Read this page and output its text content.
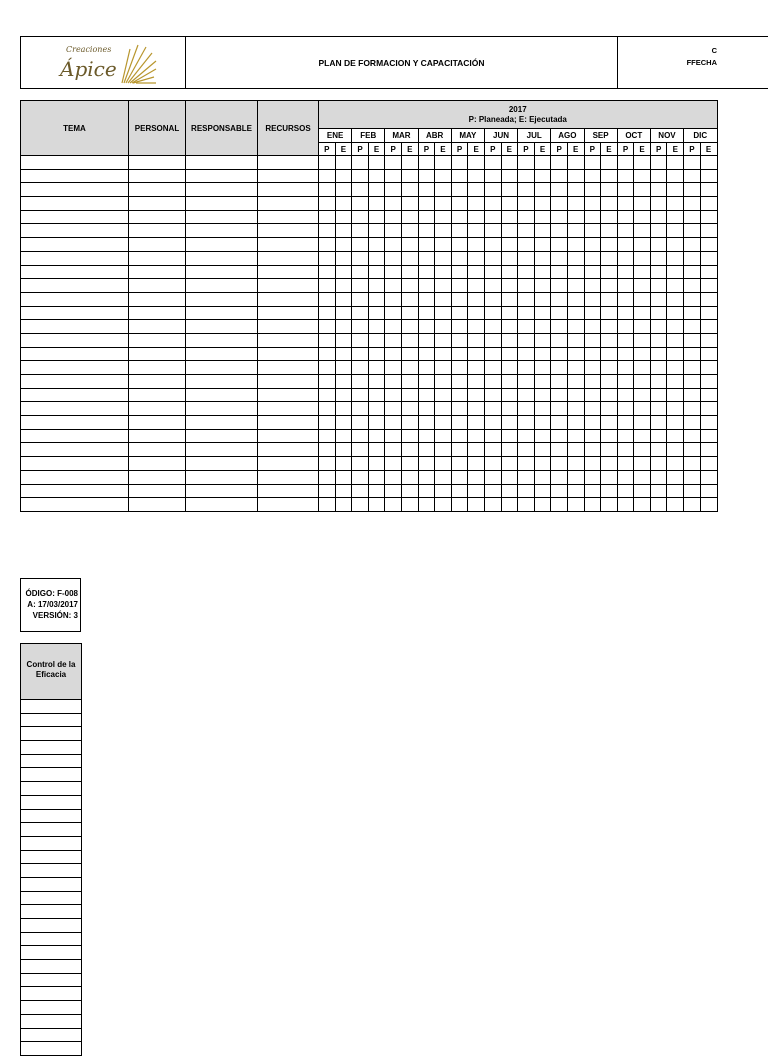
Creaciones
Ápice	PLAN DE FORMACION Y CAPACITACIÓN
C
FFECHA
TEMA	PERSONAL	RESPONSABLE	RECURSOS	2017
P: Planeada; E: Ejecutada																							

				ENE		FEB		MAR		ABR		MAY		JUN		JUL		AGO		SEP		OCT		NOV		DIC	
				P	E	P	E	P	E	P	E	P	E	P	E	P	E	P	E	P	E	P	E	P	E	P	E

ÓDIGO: F-008
A: 17/03/2017
VERSIÓN: 3
Control de la Eficacia
